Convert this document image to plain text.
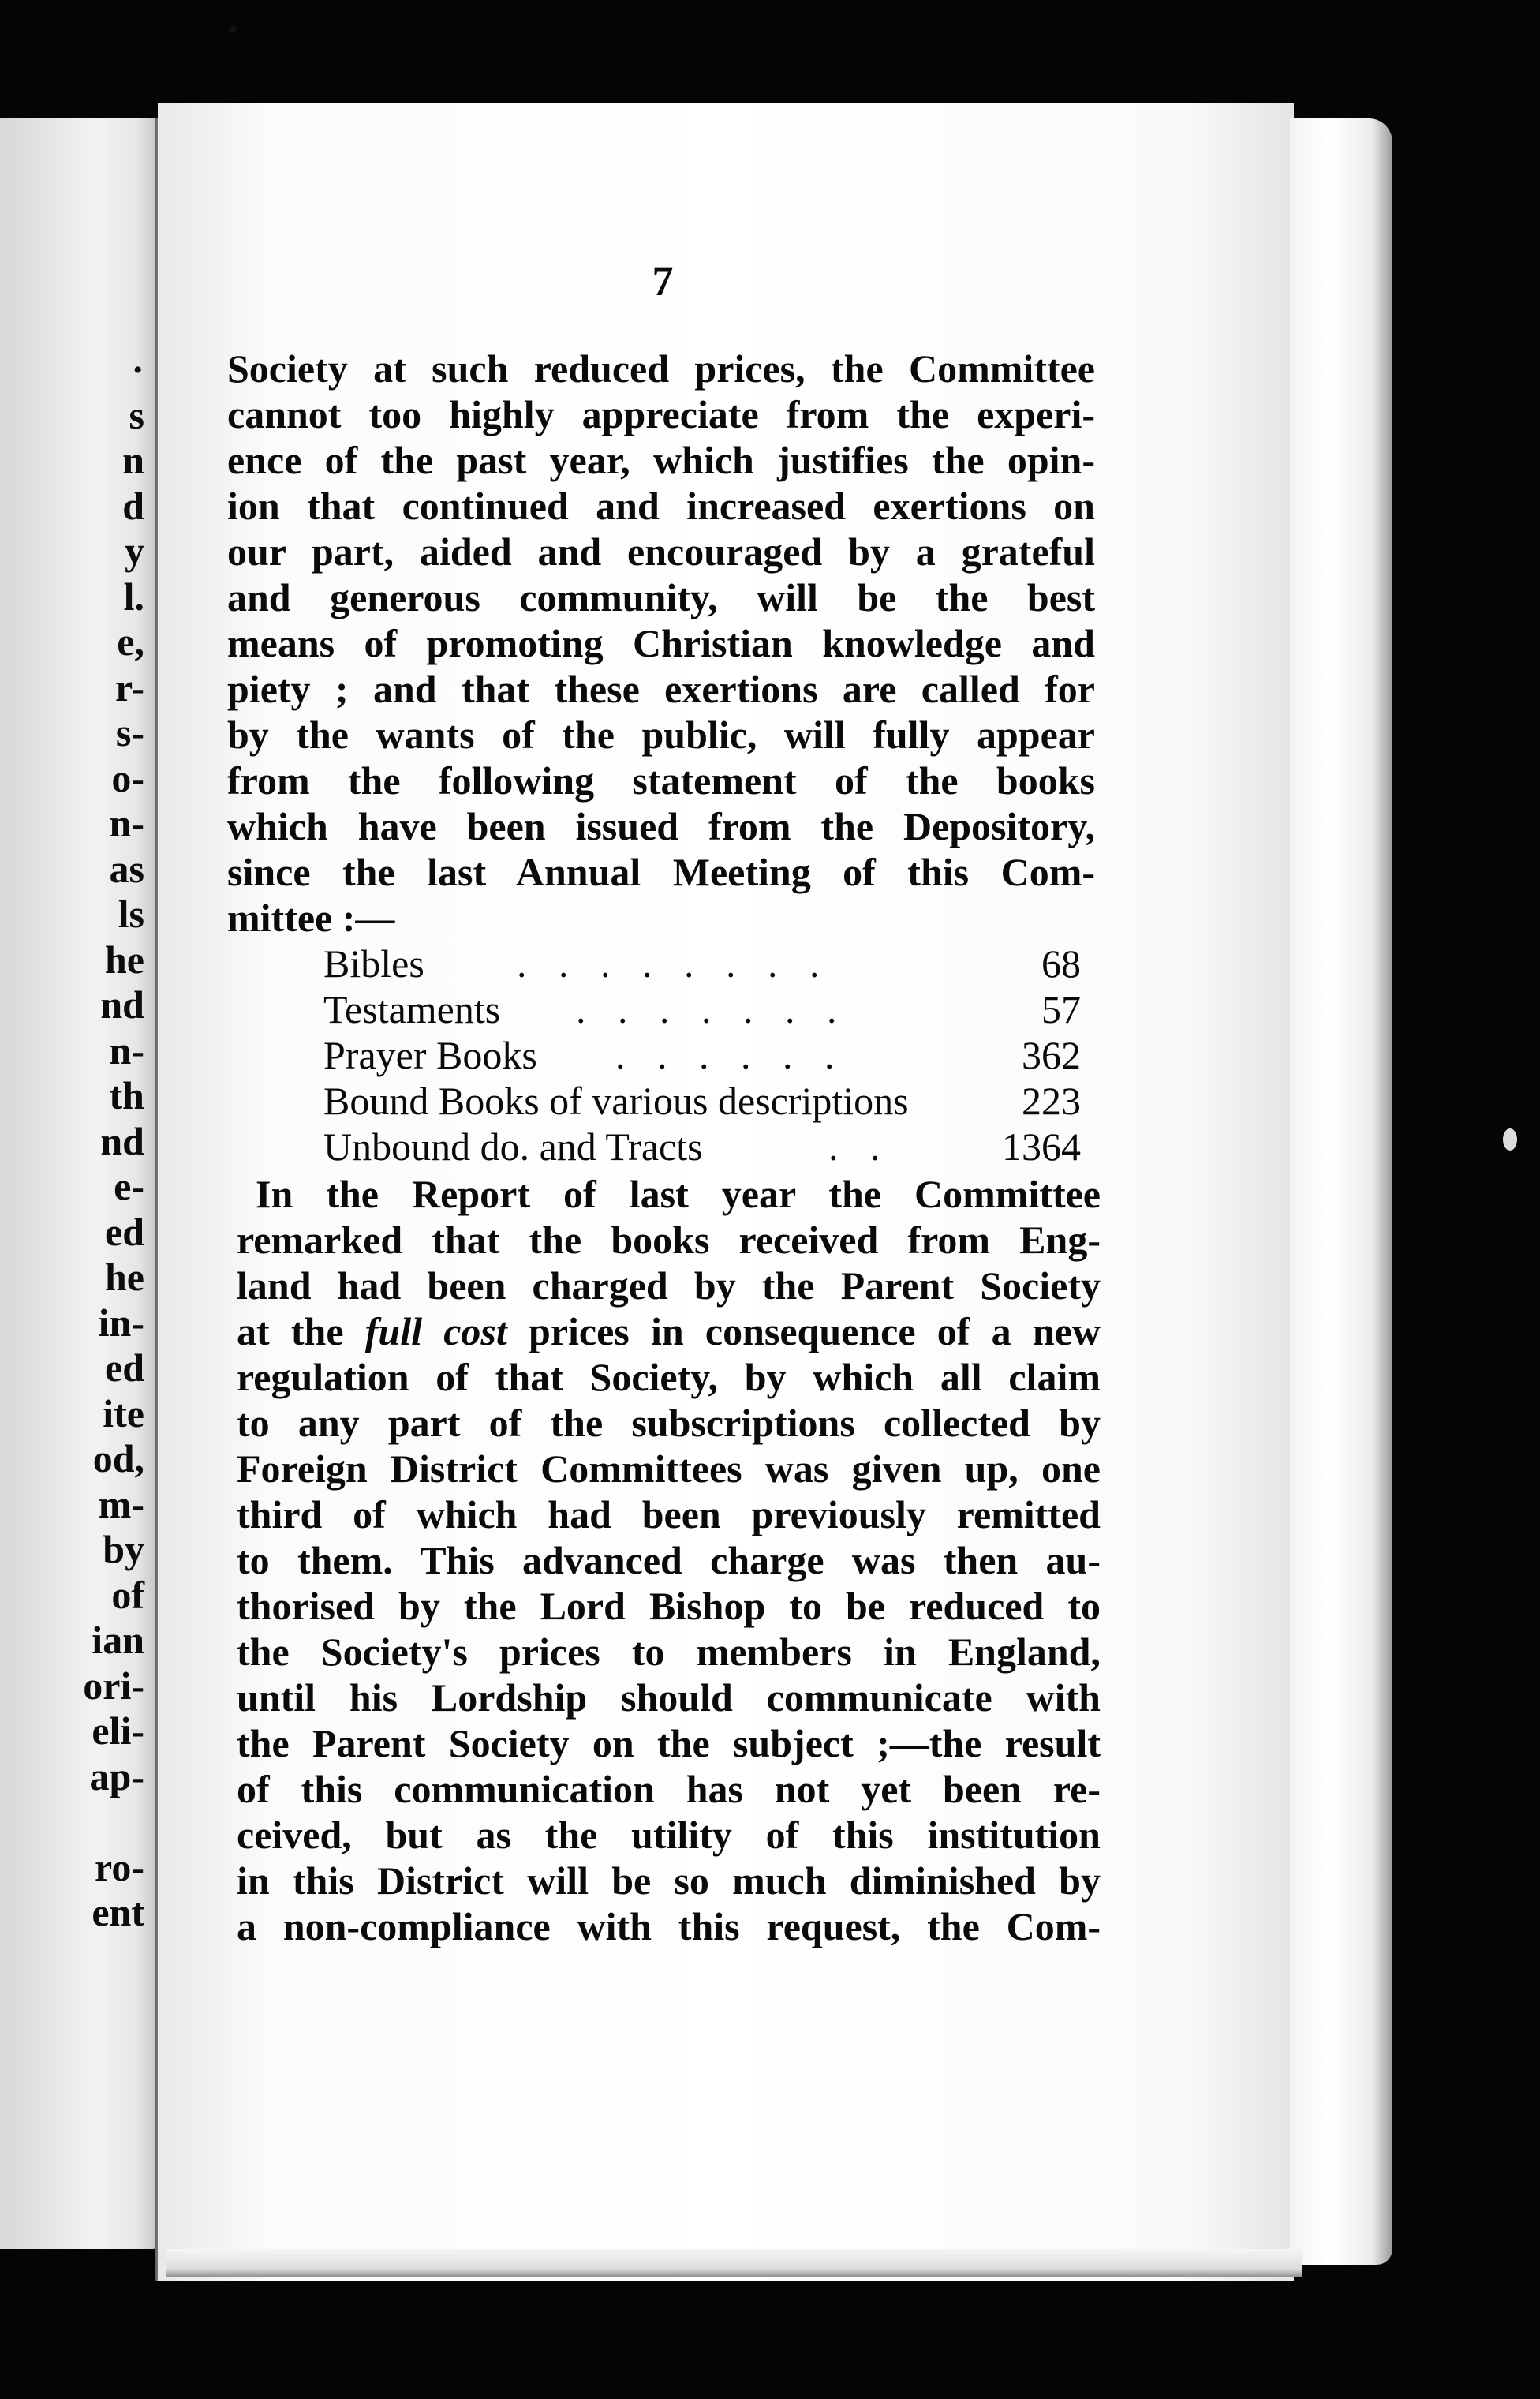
·
s
n
d
y
l.
e,
r-
s-
o-
n-
as
ls
he
nd
n-
th
nd
e-
ed
he
in-
ed
ite
od,
m-
by
of
ian
ori-
eli-
ap-
ro-
ent
7
Society at such reduced prices, the Committee
cannot too highly appreciate from the experi-
ence of the past year, which justifies the opin-
ion that continued and increased exertions on
our part, aided and encouraged by a grateful
and generous community, will be the best
means of promoting Christian knowledge and
piety ; and that these exertions are called for
by the wants of the public, will fully appear
from the following statement of the books
which have been issued from the Depository,
since the last Annual Meeting of this Com-
mittee :—
Bibles . . . . . . . .	68
Testaments . . . . . . .	57
Prayer Books . . . . . .	362
Bound Books of various descriptions	223
Unbound do. and Tracts	. .	1364
In the Report of last year the Committee
remarked that the books received from Eng-
land had been charged by the Parent Society
at the full cost prices in consequence of a new
regulation of that Society, by which all claim
to any part of the subscriptions collected by
Foreign District Committees was given up, one
third of which had been previously remitted
to them. This advanced charge was then au-
thorised by the Lord Bishop to be reduced to
the Society's prices to members in England,
until his Lordship should communicate with
the Parent Society on the subject ;—the result
of this communication has not yet been re-
ceived, but as the utility of this institution
in this District will be so much diminished by
a non-compliance with this request, the Com-
